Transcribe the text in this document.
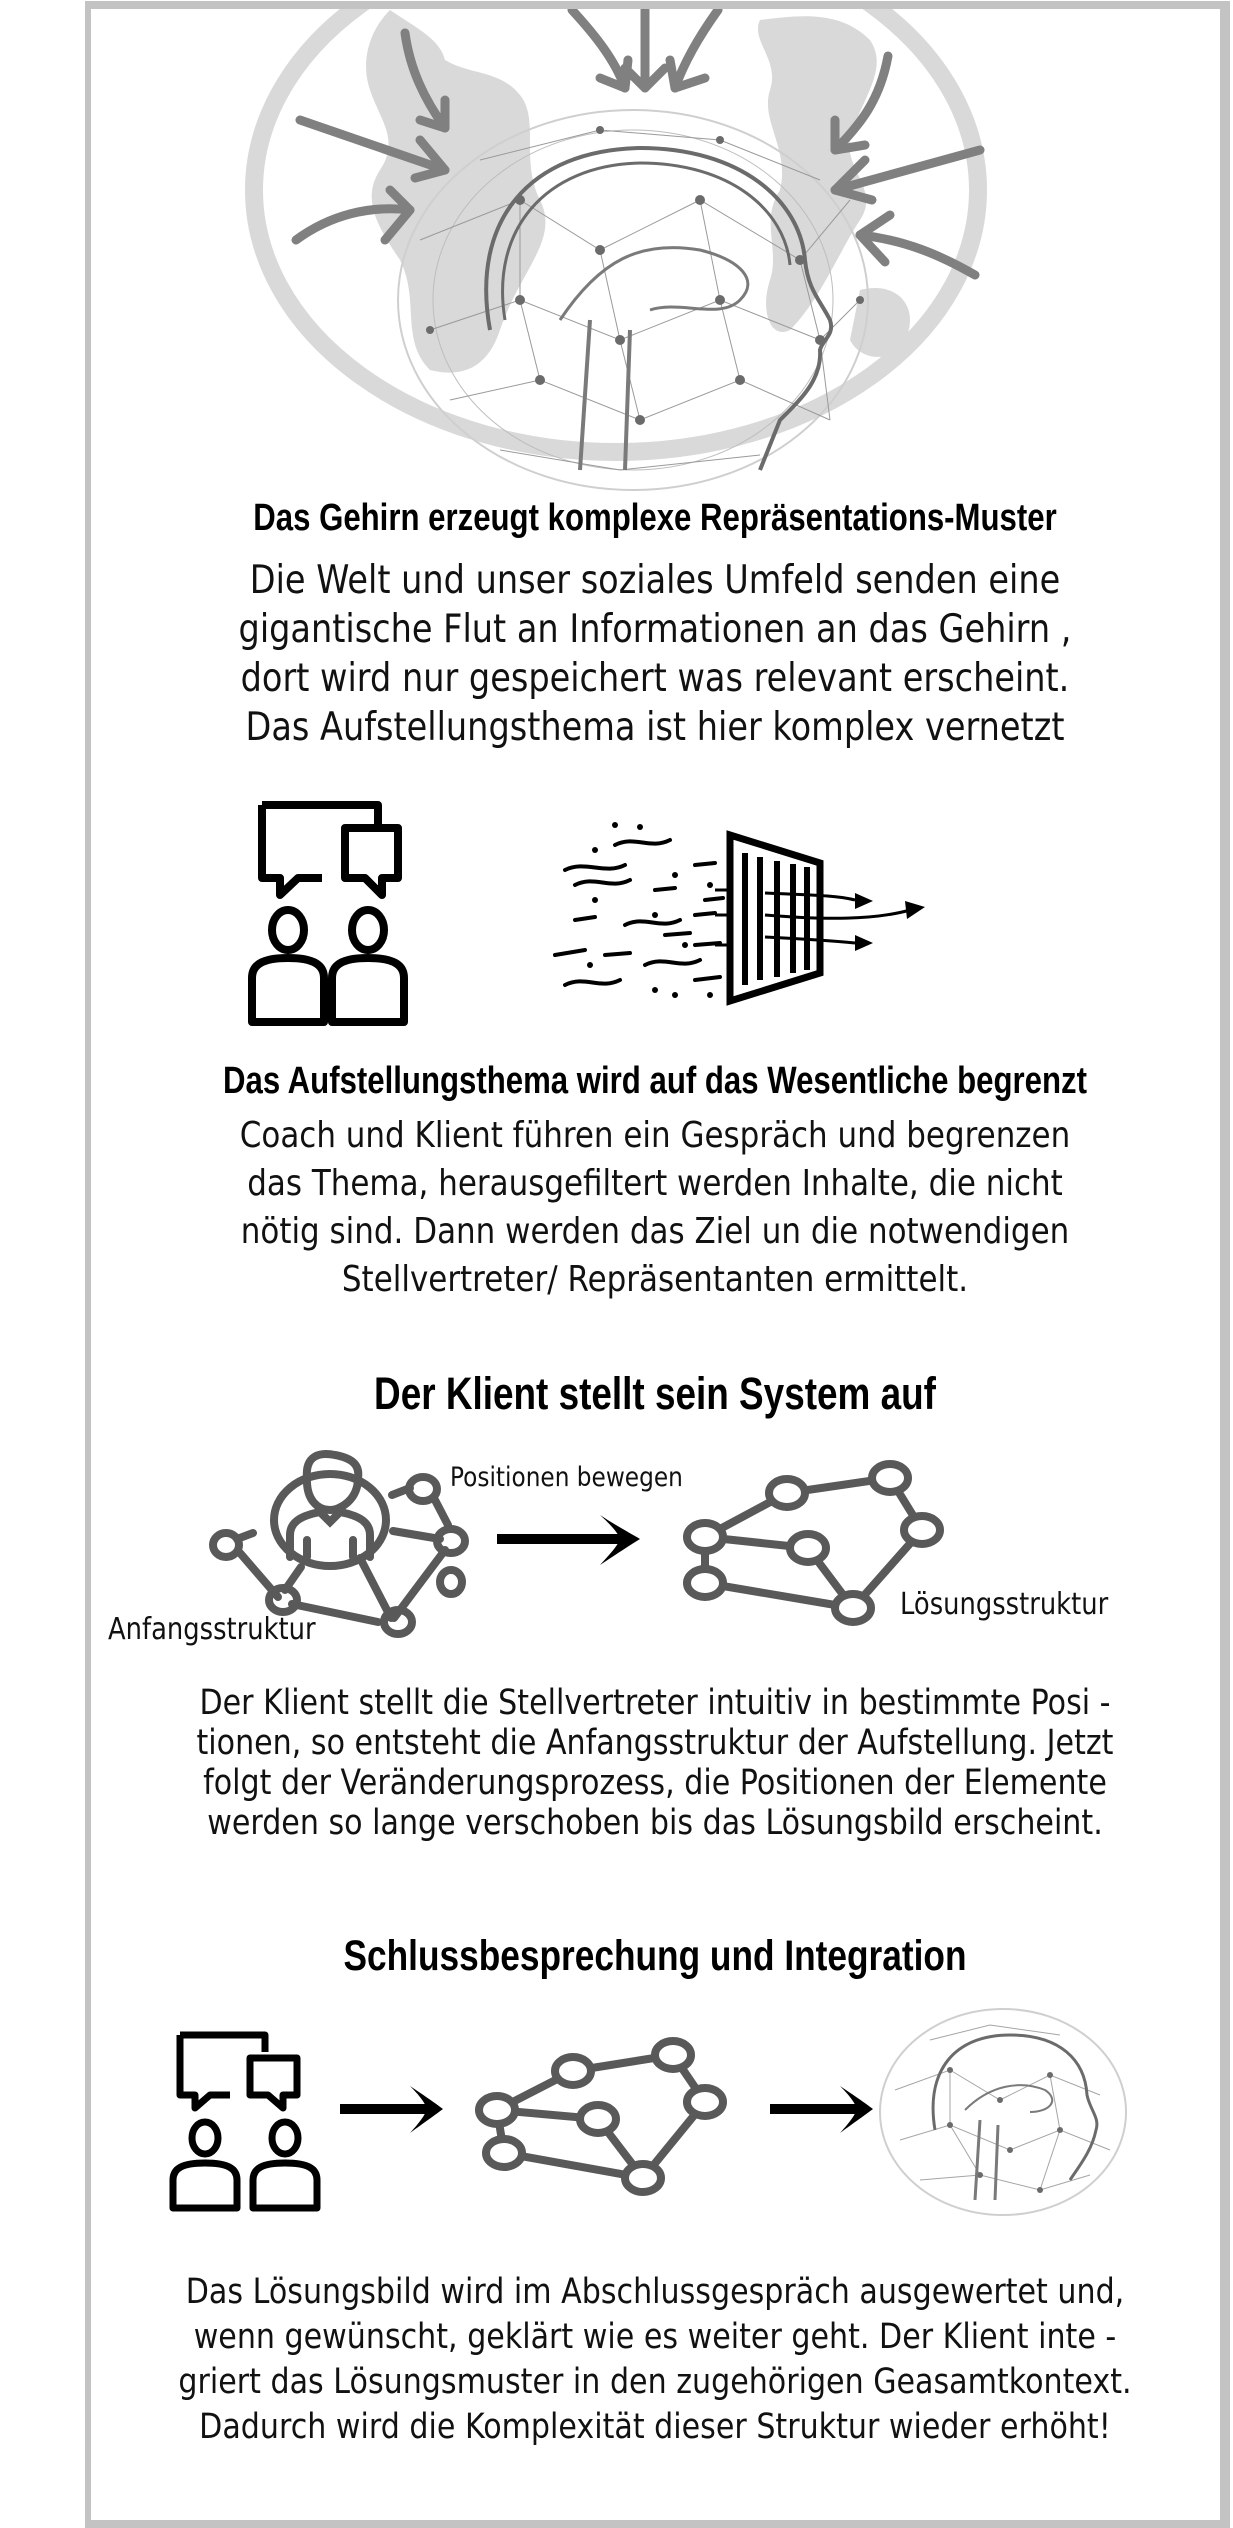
Das Gehirn erzeugt komplexe Repräsentations-Muster
Die Welt und unser soziales Umfeld senden eine
gigantische Flut an Informationen an das Gehirn ,
dort wird nur gespeichert was relevant erscheint.
Das Aufstellungsthema ist hier komplex vernetzt
Das Aufstellungsthema wird auf das Wesentliche begrenzt
Coach und Klient führen ein Gespräch und begrenzen
das Thema, herausgefiltert werden Inhalte, die nicht
nötig sind. Dann werden das Ziel un die notwendigen
Stellvertreter/ Repräsentanten ermittelt.
Der Klient stellt sein System auf
Positionen bewegen
Anfangsstruktur
Lösungsstruktur
Der Klient stellt die Stellvertreter intuitiv in bestimmte Posi -
tionen, so entsteht die Anfangsstruktur der Aufstellung. Jetzt
folgt der Veränderungsprozess, die Positionen der Elemente
werden so lange verschoben bis das Lösungsbild erscheint.
Schlussbesprechung und Integration
Das Lösungsbild wird im Abschlussgespräch ausgewertet und,
wenn gewünscht, geklärt wie es weiter geht. Der Klient inte -
griert das Lösungsmuster in den zugehörigen Geasamtkontext.
Dadurch wird die Komplexität dieser Struktur wieder erhöht!
